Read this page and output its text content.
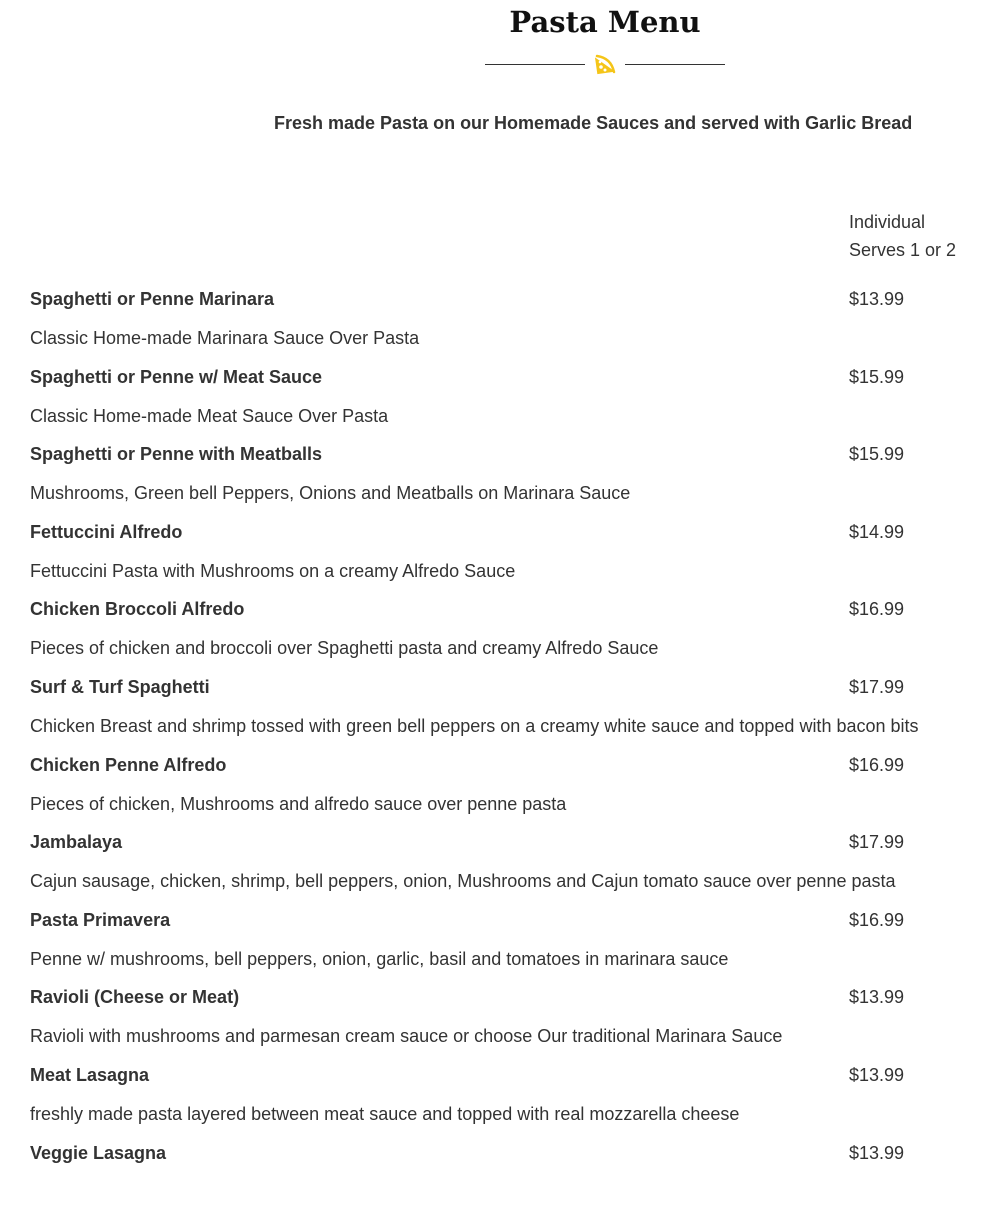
Pasta Menu

Fresh made Pasta on our Homemade Sauces and served with Garlic Bread

Individual
Serves 1 or 2
Spaghetti or Penne Marinara	$13.99
Classic Home-made Marinara Sauce Over Pasta
Spaghetti or Penne w/ Meat Sauce	$15.99
Classic Home-made Meat Sauce Over Pasta
Spaghetti or Penne with Meatballs	$15.99
Mushrooms, Green bell Peppers, Onions and Meatballs on Marinara Sauce
Fettuccini Alfredo	$14.99
Fettuccini Pasta with Mushrooms on a creamy Alfredo Sauce
Chicken Broccoli Alfredo	$16.99
Pieces of chicken and broccoli over Spaghetti pasta and creamy Alfredo Sauce
Surf & Turf Spaghetti	$17.99
Chicken Breast and shrimp tossed with green bell peppers on a creamy white sauce and topped with bacon bits
Chicken Penne Alfredo	$16.99
Pieces of chicken, Mushrooms and alfredo sauce over penne pasta
Jambalaya	$17.99
Cajun sausage, chicken, shrimp, bell peppers, onion, Mushrooms and Cajun tomato sauce over penne pasta
Pasta Primavera	$16.99
Penne w/ mushrooms, bell peppers, onion, garlic, basil and tomatoes in marinara sauce
Ravioli (Cheese or Meat)	$13.99
Ravioli with mushrooms and parmesan cream sauce or choose Our traditional Marinara Sauce
Meat Lasagna	$13.99
freshly made pasta layered between meat sauce and topped with real mozzarella cheese
Veggie Lasagna	$13.99
